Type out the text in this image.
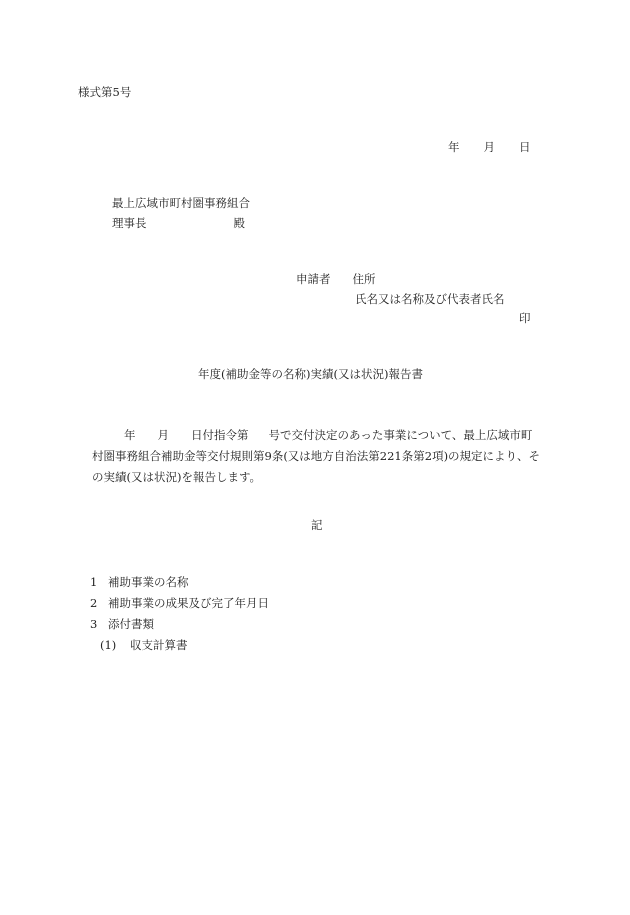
様式第5号
年 月 日
最上広域市町村圏事務組合
理事長	殿
申請者 住所
氏名又は名称及び代表者氏名
印
年度(補助金等の名称)実績(又は状況)報告書
年 月 日付指令第 号で交付決定のあった事業について、最上広域市町村圏事務組合補助金等交付規則第9条(又は地方自治法第221条第2項)の規定により、その実績(又は状況)を報告します。
記
1 補助事業の名称
2 補助事業の成果及び完了年月日
3 添付書類
(1) 収支計算書
